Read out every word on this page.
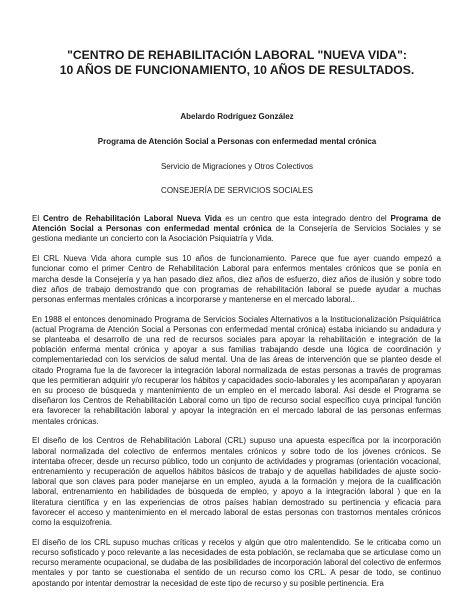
"CENTRO DE REHABILITACIÓN LABORAL "NUEVA VIDA":
10 AÑOS DE FUNCIONAMIENTO, 10 AÑOS DE RESULTADOS.
Abelardo Rodríguez González
Programa de Atención Social a Personas con enfermedad mental crónica
Servicio de Migraciones y Otros Colectivos
CONSEJERÍA DE SERVICIOS SOCIALES

El Centro de Rehabilitación Laboral Nueva Vida es un centro que esta integrado dentro del Programa de Atención Social a Personas con enfermedad mental crónica de la Consejería de Servicios Sociales y se gestiona mediante un concierto con la Asociación Psiquiatría y Vida.

El CRL Nueva Vida ahora cumple sus 10 años de funcionamiento. Parece que fue ayer cuando empezó a funcionar como el primer Centro de Rehabilitación Laboral para enfermos mentales crónicos que se ponía en marcha desde la Consejería y ya han pasado diez años, diez años de esfuerzo, diez años de ilusión y sobre todo diez años de trabajo demostrando que con programas de rehabilitación laboral se puede ayudar a muchas personas enfermas mentales crónicas a incorporarse y mantenerse en el mercado laboral..

En 1988 el entonces denominado Programa de Servicios Sociales Alternativos a la Institucionalización Psiquiátrica (actual Programa de Atención Social a Personas con enfermedad mental crónica) estaba iniciando su andadura y se planteaba el desarrollo de una red de recursos sociales para apoyar la rehabilitación e integración de la población enferma mental crónica y apoyar a sus familias trabajando desde una lógica de coordinación y complementariedad con los servicios de salud mental. Una de las áreas de intervención que se planteo desde el citado Programa fue la de favorecer la integración laboral normalizada de estas personas a través de programas que les permitieran adquirir y/o recuperar los hábitos y capacidades socio-laborales y les acompañaran y apoyaran en su proceso de búsqueda y mantenimiento de un empleo en el mercado laboral. Así desde el Programa se diseñaron los Centros de Rehabilitación Laboral como un tipo de recurso social específico cuya principal función era favorecer la rehabilitación laboral y apoyar la integración en el mercado laboral de las personas enfermas mentales crónicas.

El diseño de los Centros de Rehabilitación Laboral (CRL) supuso una apuesta específica por la incorporación laboral normalizada del colectivo de enfermos mentales crónicos y sobre todo de los jóvenes crónicos. Se intentaba ofrecer, desde un recurso público, todo un conjunto de actividades y programas (orientación vocacional, entrenamiento y recuperación de aquellos hábitos básicos de trabajo y de aquellas habilidades de ajuste socio-laboral que son claves para poder manejarse en un empleo, ayuda a la formación y mejora de la cualificación laboral, entrenamiento en habilidades de búsqueda de empleo, y apoyo a la integración laboral ) que en la literatura científica y en las experiencias de otros países habían demostrado su pertinencia y eficacia para favorecer el acceso y mantenimiento en el mercado laboral de estas personas con trastornos mentales crónicos como la esquizofrenia.

El diseño de los CRL supuso muchas críticas y recelos y algún que otro malentendido. Se le criticaba como un recurso sofisticado y poco relevante a las necesidades de esta población, se reclamaba que se articulase como un recurso meramente ocupacional, se dudaba de las posibilidades de incorporación laboral del colectivo de enfermos mentales y por tanto se cuestionaba el sentido de un recurso como los CRL. A pesar de todo, se continuo apostando por intentar demostrar la necesidad de este tipo de recurso y su posible pertinencia. Era
